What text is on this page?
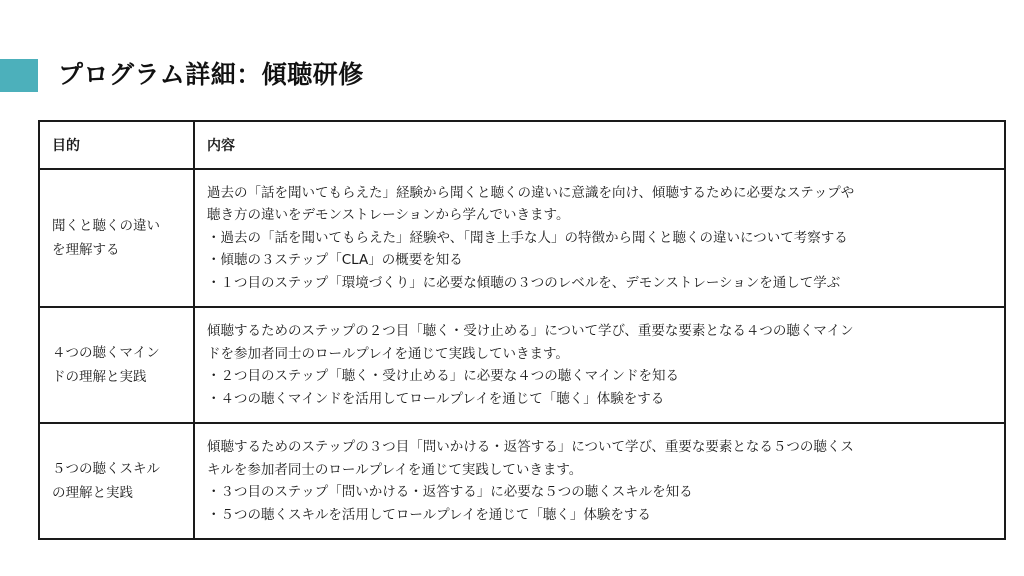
プログラム詳細：傾聴研修
目的	内容

聞くと聴くの違い
を理解する	過去の「話を聞いてもらえた」経験から聞くと聴くの違いに意識を向け、傾聴するために必要なステップや
聴き方の違いをデモンストレーションから学んでいきます。
・過去の「話を聞いてもらえた」経験や、「聞き上手な人」の特徴から聞くと聴くの違いについて考察する
・傾聴の３ステップ「CLA」の概要を知る
・１つ目のステップ「環境づくり」に必要な傾聴の３つのレベルを、デモンストレーションを通して学ぶ

４つの聴くマイン
ドの理解と実践	傾聴するためのステップの２つ目「聴く・受け止める」について学び、重要な要素となる４つの聴くマイン
ドを参加者同士のロールプレイを通じて実践していきます。
・２つ目のステップ「聴く・受け止める」に必要な４つの聴くマインドを知る
・４つの聴くマインドを活用してロールプレイを通じて「聴く」体験をする

５つの聴くスキル
の理解と実践	傾聴するためのステップの３つ目「問いかける・返答する」について学び、重要な要素となる５つの聴くス
キルを参加者同士のロールプレイを通じて実践していきます。
・３つ目のステップ「問いかける・返答する」に必要な５つの聴くスキルを知る
・５つの聴くスキルを活用してロールプレイを通じて「聴く」体験をする
